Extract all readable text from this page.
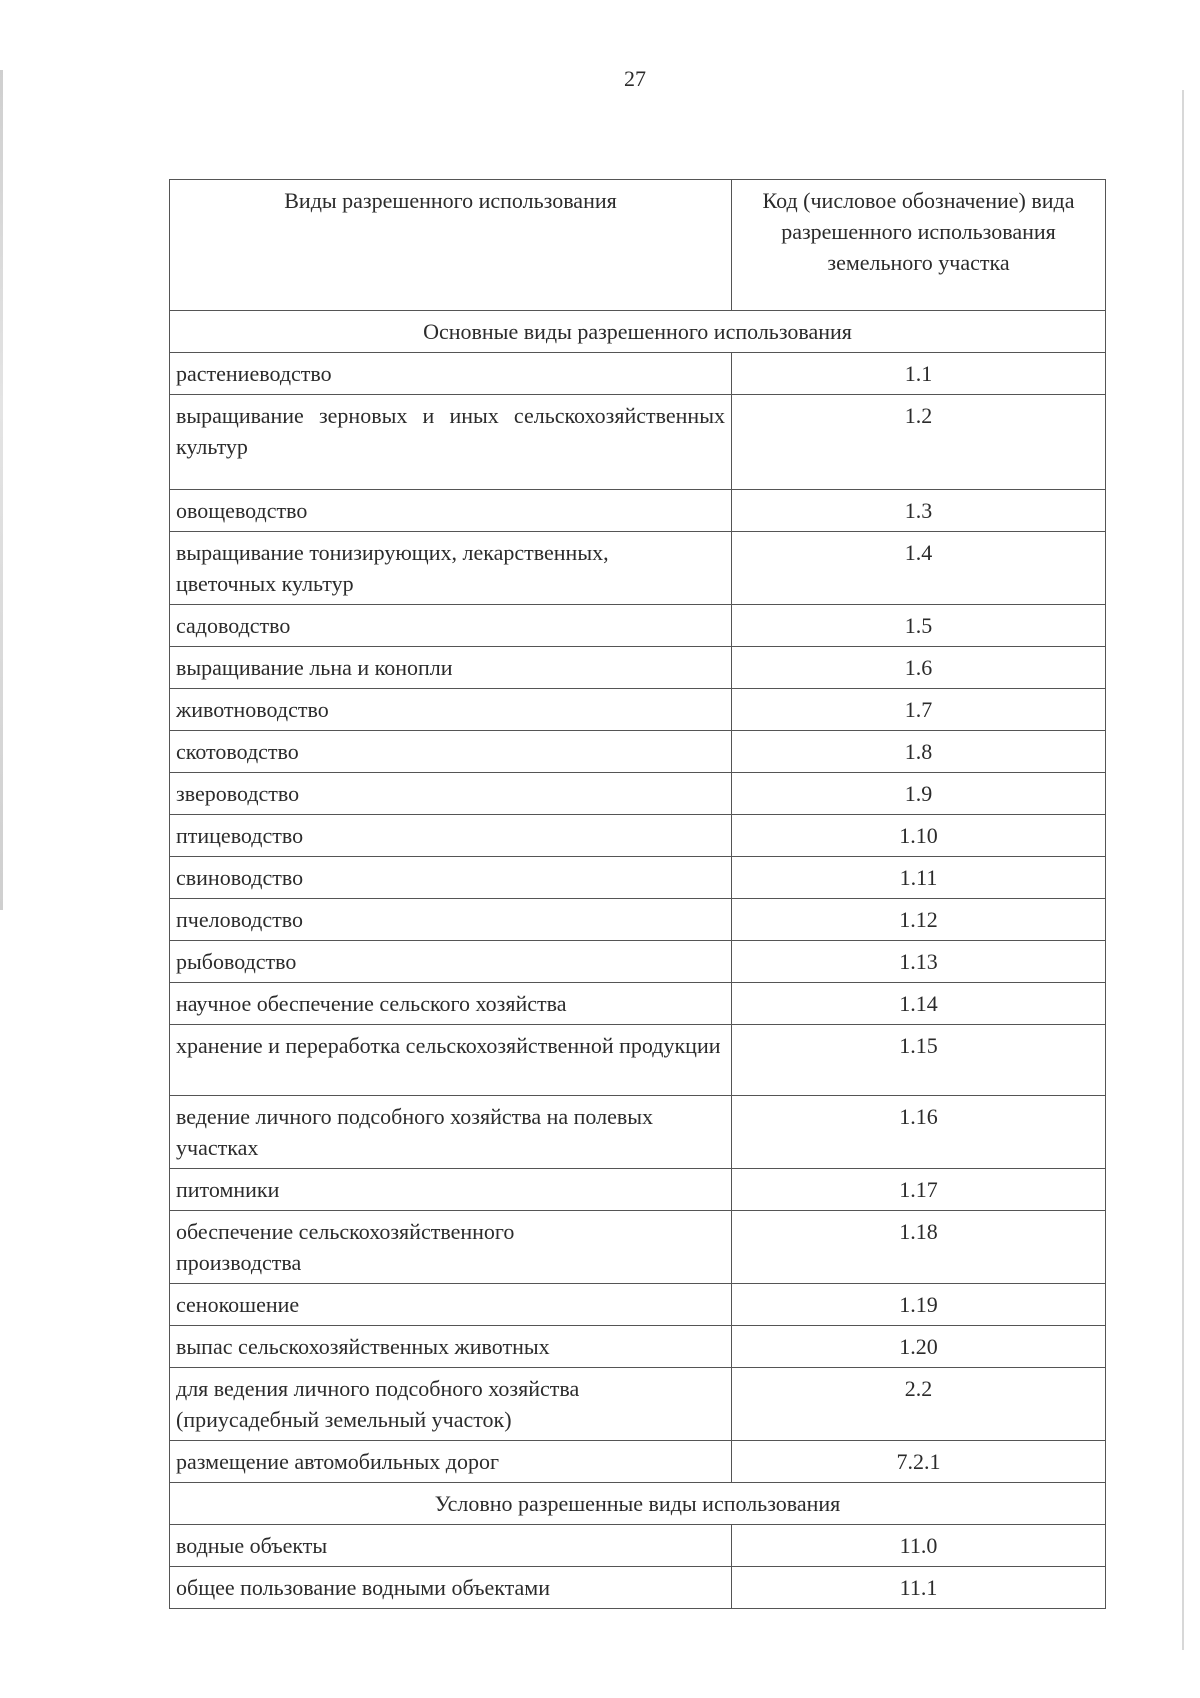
27
Виды разрешенного использования	Код (числовое обозначение) вида разрешенного использования земельного участка
Основные виды разрешенного использования	
растениеводство	1.1
выращивание зерновых и иных сельскохозяйственных культур	1.2
овощеводство	1.3
выращивание тонизирующих, лекарственных, цветочных культур	1.4
садоводство	1.5
выращивание льна и конопли	1.6
животноводство	1.7
скотоводство	1.8
звероводство	1.9
птицеводство	1.10
свиноводство	1.11
пчеловодство	1.12
рыбоводство	1.13
научное обеспечение сельского хозяйства	1.14
хранение и переработка сельскохозяйственной продукции	1.15
ведение личного подсобного хозяйства на полевых участках	1.16
питомники	1.17
обеспечение сельскохозяйственного производства	1.18
сенокошение	1.19
выпас сельскохозяйственных животных	1.20
для ведения личного подсобного хозяйства (приусадебный земельный участок)	2.2
размещение автомобильных дорог	7.2.1
Условно разрешенные виды использования	
водные объекты	11.0
общее пользование водными объектами	11.1
